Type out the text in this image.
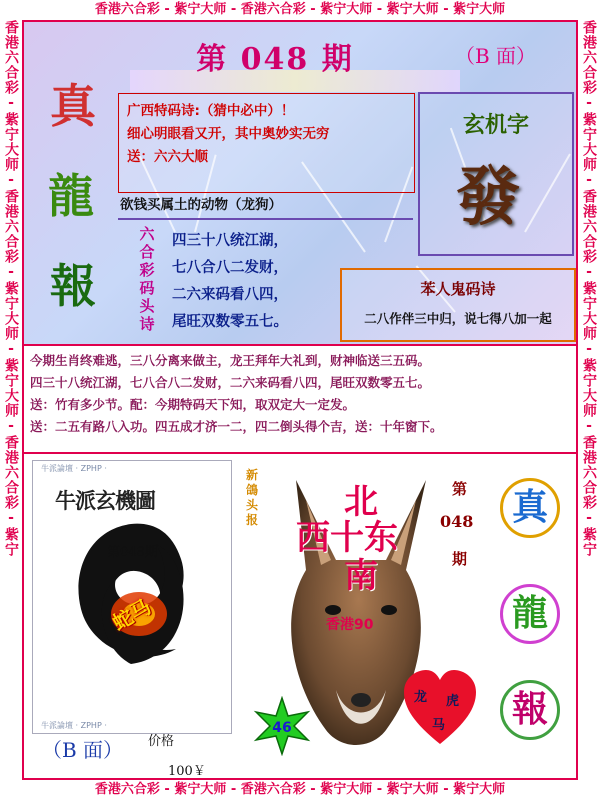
香港六合彩 - 紫宁大师 - 香港六合彩 - 紫宁大师 - 紫宁大师 - 紫宁大师
香港六合彩 - 紫宁大师 - 香港六合彩 - 紫宁大师 - 紫宁大师 - 紫宁大师
香港六合彩-紫宁大师-香港六合彩-紫宁大师-紫宁大师-香港六合彩-紫宁	香港六合彩-紫宁大师-香港六合彩-紫宁大师-紫宁大师-香港六合彩-紫宁
第 048 期	（B 面）
真
龍
報
广西特码诗:（猜中必中）！
细心明眼看又开，其中奥妙实无穷
送：六六大顺
玄机字
發
欲钱买属土的动物（龙狗）
六合彩码头诗
四三十八统江湖，
七八合八二发财，
二六来码看八四，
尾旺双数零五七。
苯人鬼码诗
二八作伴三中归，说七得八加一起
今期生肖终难逃，三八分离来做主，龙王拜年大礼到，财神临送三五码。
四三十八统江湖，七八合八二发财，二六来码看八四，尾旺双数零五七。
送：竹有多少节。配：今期特码天下知，取双定大一定发。
送：二五有路八入功。四五成才济一二，四二倒头得个吉，送：十年窗下。
牛派論壇 · ZPHP ·
牛派論壇 · ZPHP ·
牛派玄機圖
第048期
蛇马
（B 面） 价格
100￥
新鴿头报	北
西十东
南
香港90
46
龙 虎
马
第
048
期
真
龍
報
